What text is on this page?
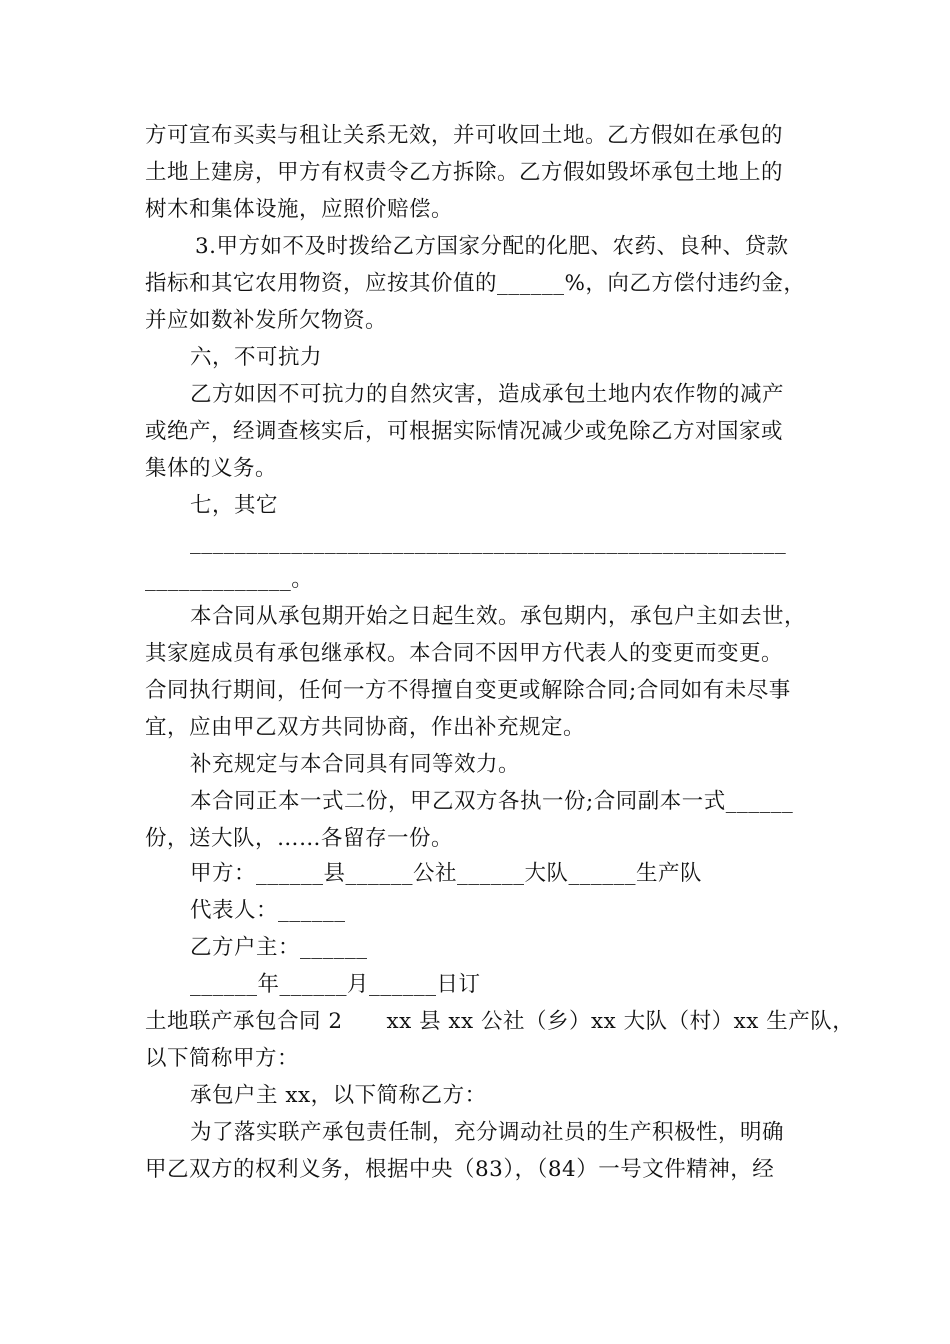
方可宣布买卖与租让关系无效，并可收回土地。乙方假如在承包的
土地上建房，甲方有权责令乙方拆除。乙方假如毁坏承包土地上的
树木和集体设施，应照价赔偿。
3.甲方如不及时拨给乙方国家分配的化肥、农药、良种、贷款
指标和其它农用物资，应按其价值的______%，向乙方偿付违约金，
并应如数补发所欠物资。
六，不可抗力
乙方如因不可抗力的自然灾害，造成承包土地内农作物的减产
或绝产，经调查核实后，可根据实际情况减少或免除乙方对国家或
集体的义务。
七，其它
_____________________________________________________
_____________。
本合同从承包期开始之日起生效。承包期内，承包户主如去世，
其家庭成员有承包继承权。本合同不因甲方代表人的变更而变更。
合同执行期间，任何一方不得擅自变更或解除合同;合同如有未尽事
宜，应由甲乙双方共同协商，作出补充规定。
补充规定与本合同具有同等效力。
本合同正本一式二份，甲乙双方各执一份;合同副本一式______
份，送大队，……各留存一份。
甲方：______县______公社______大队______生产队
代表人：______
乙方户主：______
______年______月______日订
土地联产承包合同 2　　xx 县 xx 公社（乡）xx 大队（村）xx 生产队，
以下简称甲方：
承包户主 xx，以下简称乙方：
为了落实联产承包责任制，充分调动社员的生产积极性，明确
甲乙双方的权利义务，根据中央（83），（84）一号文件精神，经
